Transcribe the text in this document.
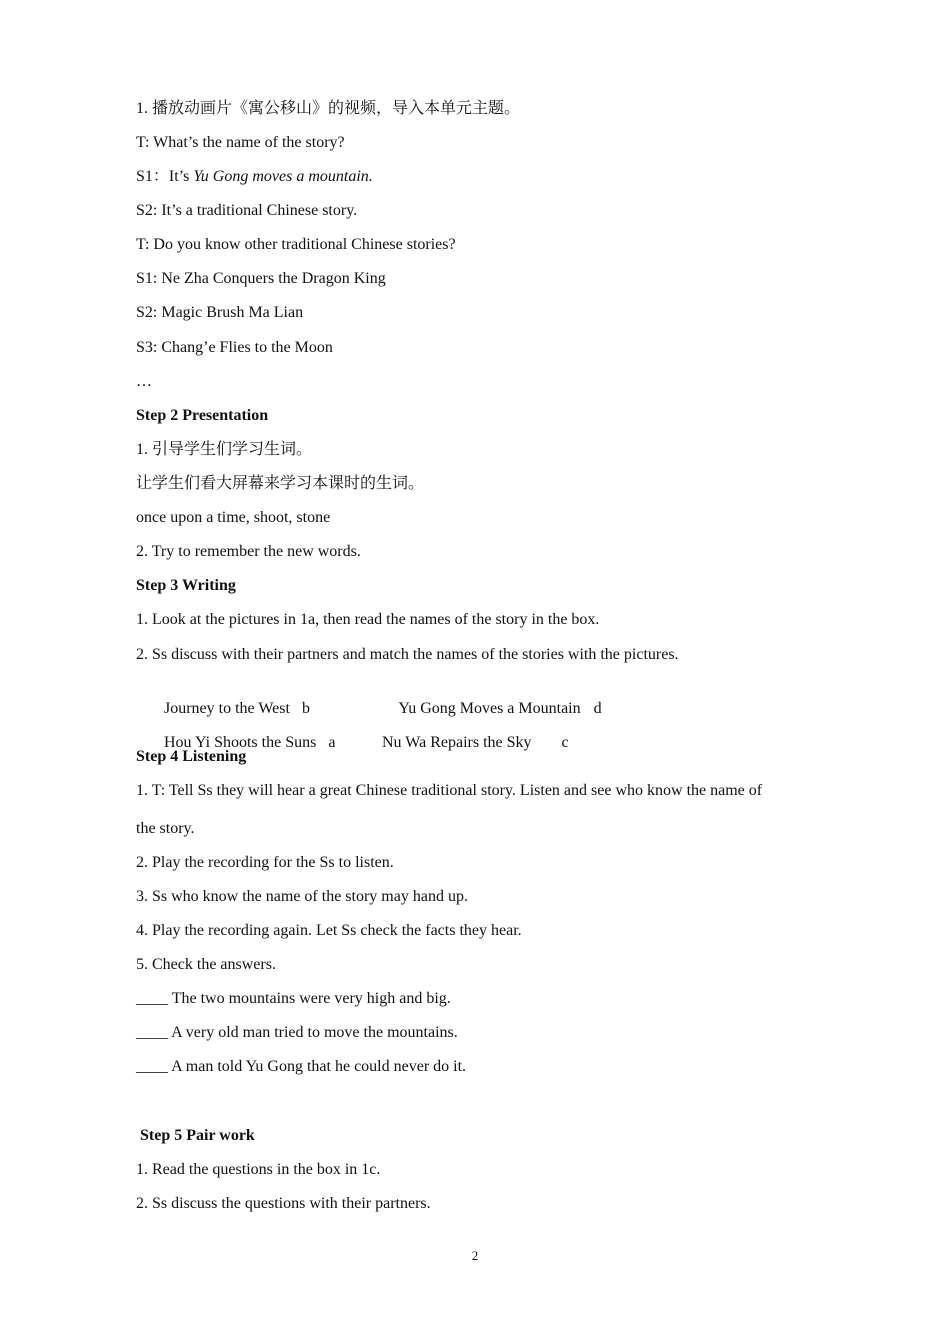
1. 播放动画片《寓公移山》的视频，导入本单元主题。
T: What’s the name of the story?
S1：It’s Yu Gong moves a mountain.
S2: It’s a traditional Chinese story.
T: Do you know other traditional Chinese stories?
S1: Ne Zha Conquers the Dragon King
S2: Magic Brush Ma Lian
S3: Chang’e Flies to the Moon
…
Step 2 Presentation
1. 引导学生们学习生词。
让学生们看大屏幕来学习本课时的生词。
once upon a time, shoot, stone
2. Try to remember the new words.
Step 3 Writing
1. Look at the pictures in 1a, then read the names of the story in the box.
2. Ss discuss with their partners and match the names of the stories with the pictures.

Journey to the West b
	Yu Gong Moves a Mountain d

Hou Yi Shoots the Suns a
	Nu Wa Repairs the Sky c

Step 4 Listening
1. T: Tell Ss they will hear a great Chinese traditional story. Listen and see who know the name of
the story.
2. Play the recording for the Ss to listen.
3. Ss who know the name of the story may hand up.
4. Play the recording again. Let Ss check the facts they hear.
5. Check the answers.
____ The two mountains were very high and big.
____ A very old man tried to move the mountains.
____ A man told Yu Gong that he could never do it.
Step 5 Pair work
1. Read the questions in the box in 1c.
2. Ss discuss the questions with their partners.
2
